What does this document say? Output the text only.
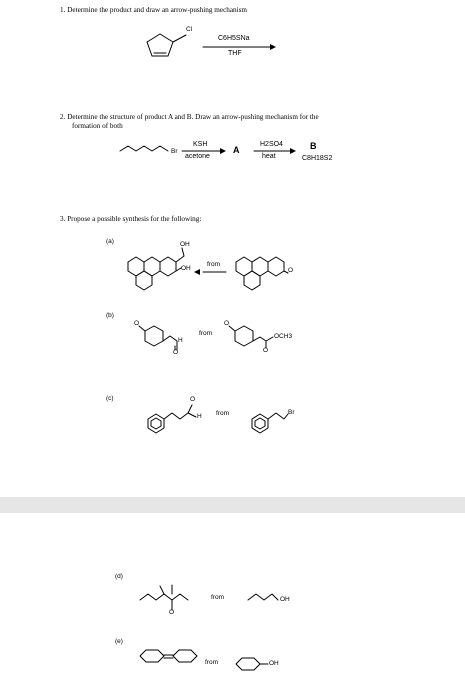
1. Determine the product and draw an arrow-pushing mechanism
Cl
C6H5SNa
THF
2. Determine the structure of product A and B. Draw an arrow-pushing mechanism for the
formation of both
Br
KSH
acetone
A
H2SO4
heat
B
C8H18S2
3. Propose a possible synthesis for the following:
(a)	OH
OH
from
O
(b)
O
H
O
from
O
OCH3
O
(c)	O
H from	Br
(d)
O
from	OH
(e)
from	OH
